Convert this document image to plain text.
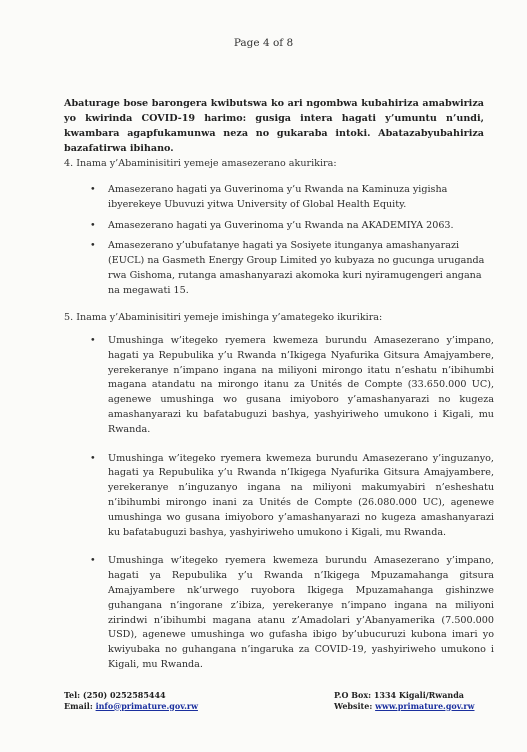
Page 4 of 8
Abaturage bose barongera kwibutswa ko ari ngombwa kubahiriza amabwiriza yo kwirinda COVID-19 harimo: gusiga intera hagati y’umuntu n’undi, kwambara agapfukamunwa neza no gukaraba intoki. Abatazabyubahiriza bazafatirwa ibihano.
4. Inama y’Abaminisitiri yemeje amasezerano akurikira:
• Amasezerano hagati ya Guverinoma y’u Rwanda na Kaminuza yigisha ibyerekeye Ubuvuzi yitwa University of Global Health Equity.
• Amasezerano hagati ya Guverinoma y’u Rwanda na AKADEMIYA 2063.
• Amasezerano y’ubufatanye hagati ya Sosiyete itunganya amashanyarazi (EUCL) na Gasmeth Energy Group Limited yo kubyaza no gucunga uruganda rwa Gishoma, rutanga amashanyarazi akomoka kuri nyiramugengeri angana na megawati 15.
5. Inama y’Abaminisitiri yemeje imishinga y’amategeko ikurikira:
• Umushinga w’itegeko ryemera kwemeza burundu Amasezerano y’impano, hagati ya Repubulika y’u Rwanda n’Ikigega Nyafurika Gitsura Amajyambere, yerekeranye n’impano ingana na miliyoni mirongo itatu n’eshatu n’ibihumbi magana atandatu na mirongo itanu za Unités de Compte (33.650.000 UC), agenewe umushinga wo gusana imiyoboro y’amashanyarazi no kugeza amashanyarazi ku bafatabuguzi bashya, yashyiriweho umukono i Kigali, mu Rwanda.
• Umushinga w’itegeko ryemera kwemeza burundu Amasezerano y’inguzanyo, hagati ya Repubulika y’u Rwanda n’Ikigega Nyafurika Gitsura Amajyambere, yerekeranye n’inguzanyo ingana na miliyoni makumyabiri n’esheshatu n’ibihumbi mirongo inani za Unités de Compte (26.080.000 UC), agenewe umushinga wo gusana imiyoboro y’amashanyarazi no kugeza amashanyarazi ku bafatabuguzi bashya, yashyiriweho umukono i Kigali, mu Rwanda.
• Umushinga w’itegeko ryemera kwemeza burundu Amasezerano y’impano, hagati ya Repubulika y’u Rwanda n’Ikigega Mpuzamahanga gitsura Amajyambere nk’urwego ruyobora Ikigega Mpuzamahanga gishinzwe guhangana n’ingorane z’ibiza, yerekeranye n’impano ingana na miliyoni zirindwi n’ibihumbi magana atanu z’Amadolari y’Abanyamerika (7.500.000 USD), agenewe umushinga wo gufasha ibigo by’ubucuruzi kubona imari yo kwiyubaka no guhangana n’ingaruka za COVID-19, yashyiriweho umukono i Kigali, mu Rwanda.
Tel: (250) 0252585444
Email: info@primature.gov.rw
P.O Box: 1334 Kigali/Rwanda
Website: www.primature.gov.rw
